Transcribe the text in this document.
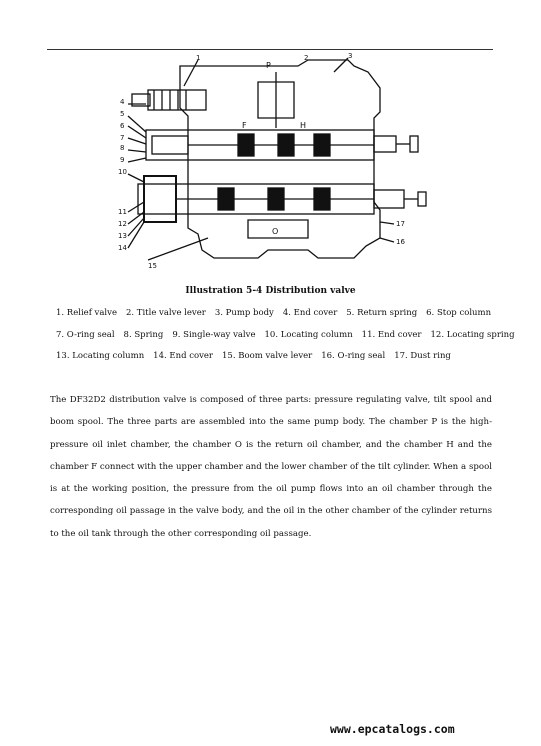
1	2	3
4
5
6
7
8
9
10
11
12
13
14
15
16
17
P
O
F	H
Illustration 5-4 Distribution valve
1. Relief valve 2. Title valve lever 3. Pump body 4. End cover 5. Return spring 6. Stop column
7. O-ring seal 8. Spring 9. Single-way valve 10. Locating column 11. End cover 12. Locating spring
13. Locating column 14. End cover 15. Boom valve lever 16. O-ring seal 17. Dust ring
The DF32D2 distribution valve is composed of three parts: pressure regulating valve, tilt spool and boom spool. The three parts are assembled into the same pump body. The chamber P is the high-pressure oil inlet chamber, the chamber O is the return oil chamber, and the chamber H and the chamber F connect with the upper chamber and the lower chamber of the tilt cylinder. When a spool is at the working position, the pressure from the oil pump flows into an oil chamber through the corresponding oil passage in the valve body, and the oil in the other chamber of the cylinder returns to the oil tank through the other corresponding oil passage.
www.epcatalogs.com
